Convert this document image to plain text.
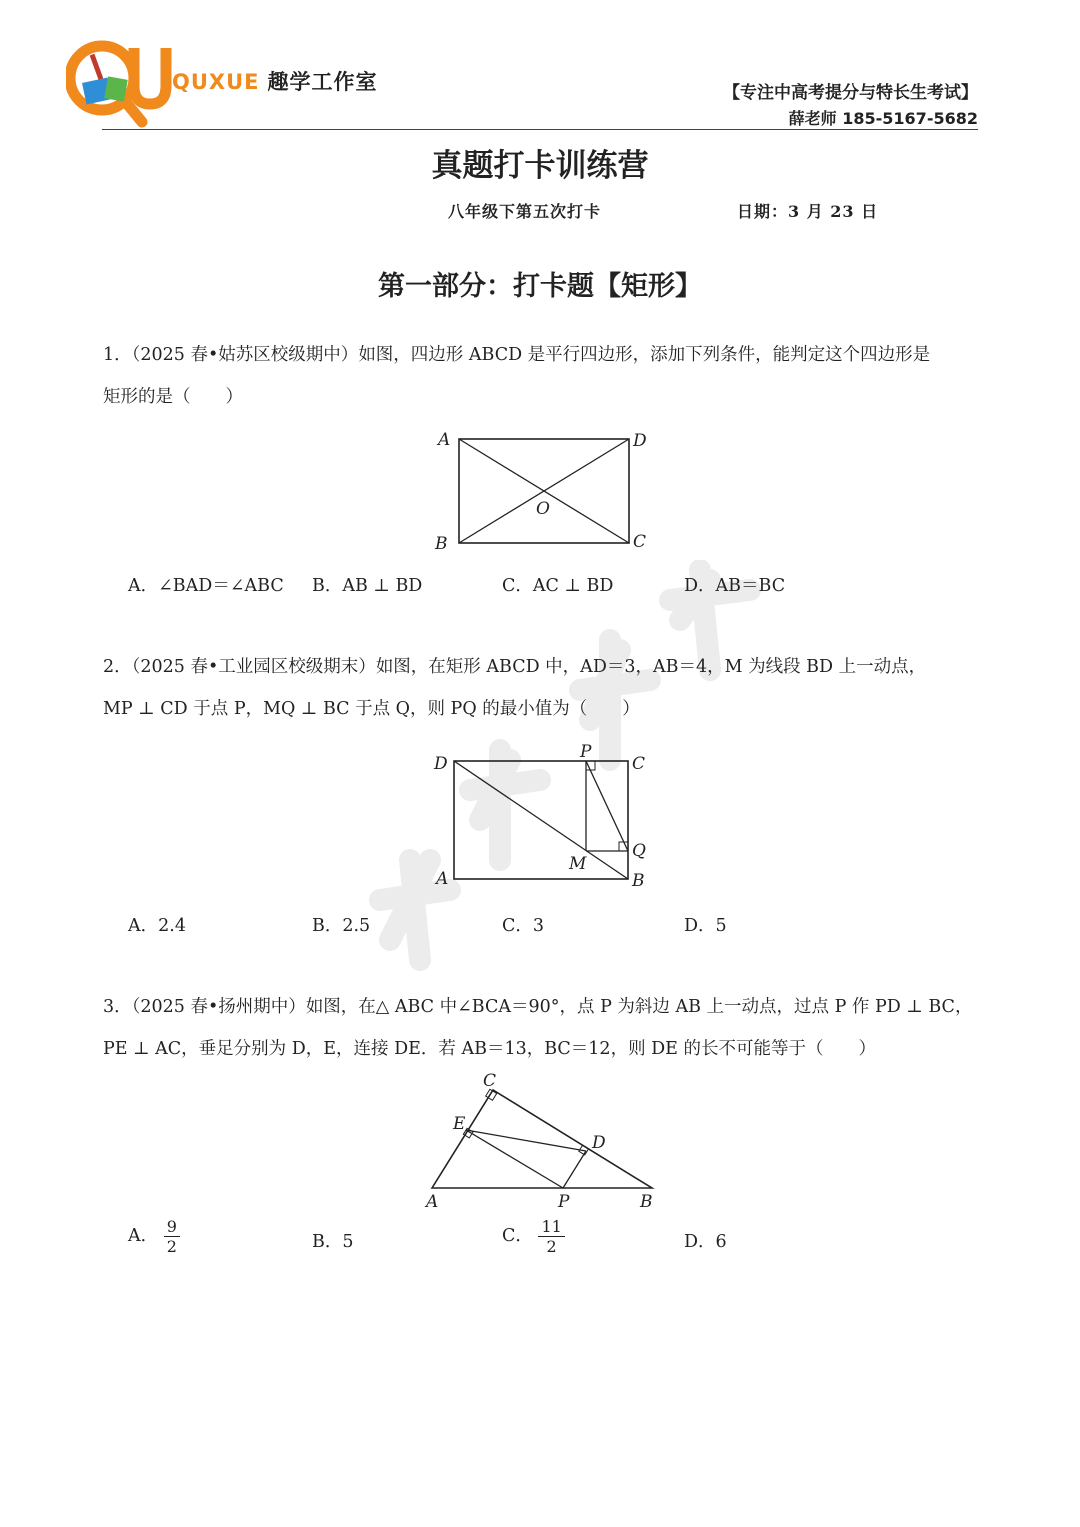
QUXUE 趣学工作室	【专注中高考提分与特长生考试】
薛老师 185-5167-5682
真题打卡训练营
八年级下第五次打卡	日期：3 月 23 日
第一部分：打卡题【矩形】
1．（2025 春•姑苏区校级期中）如图，四边形 ABCD 是平行四边形，添加下列条件，能判定这个四边形是
矩形的是（　　）
A	D
B	C
O
A．∠BAD＝∠ABC B．AB ⊥ BD	C．AC ⊥ BD	D．AB＝BC
2．（2025 春•工业园区校级期末）如图，在矩形 ABCD 中，AD＝3，AB＝4，M 为线段 BD 上一动点，
MP ⊥ CD 于点 P，MQ ⊥ BC 于点 Q，则 PQ 的最小值为（　　）
D
P
C
Q
M
A	B
A．2.4	B．2.5	C．3	D．5
3．（2025 春•扬州期中）如图，在△ ABC 中∠BCA＝90°，点 P 为斜边 AB 上一动点，过点 P 作 PD ⊥ BC，
PE ⊥ AC，垂足分别为 D，E，连接 DE．若 AB＝13，BC＝12，则 DE 的长不可能等于（　　）
C
E
D
A	P	B
A． $\frac{9}{2}$	B．5	C． $\frac{11}{2}$	D．6
